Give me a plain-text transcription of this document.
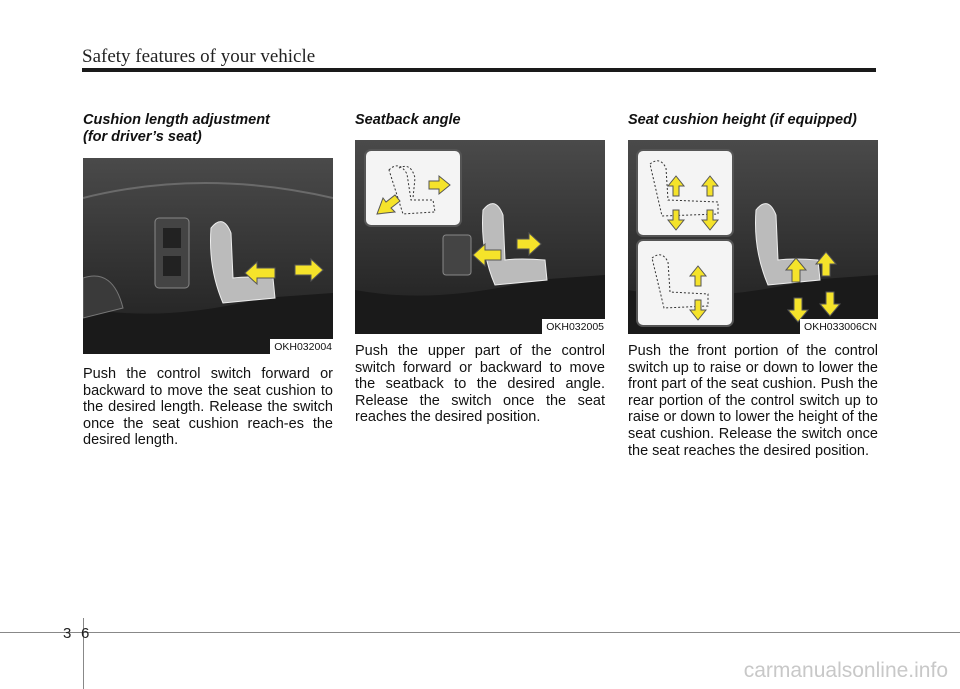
Safety features of your vehicle

Cushion length adjustment
(for driver’s seat)

OKH032004

Push the control switch forward or backward to move the seat cushion to the desired length. Release the switch once the seat cushion reach-es the desired length.

Seatback angle

OKH032005

Push the upper part of the control switch forward or backward to move the seatback to the desired angle. Release the switch once the seat reaches the desired position.

Seat cushion height (if equipped)

OKH033006CN

Push the front portion of the control switch up to raise or down to lower the front part of the seat cushion. Push the rear portion of the control switch up to raise or down to lower the height of the seat cushion. Release the switch once the seat reaches the desired position.

3 6
carmanualsonline.info
